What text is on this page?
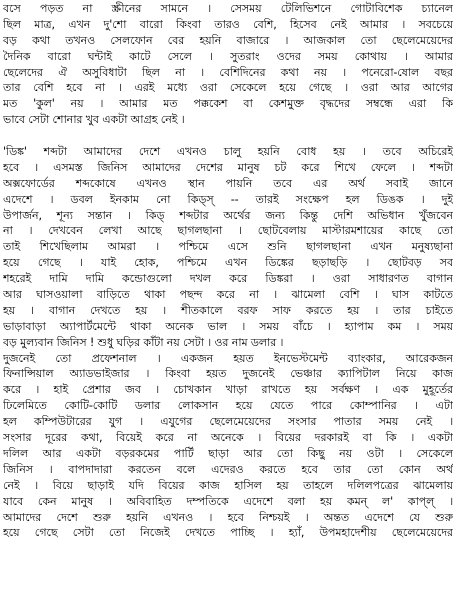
বসে পড়ত না স্ক্রীনের সামনে । সেসময় টেলিভিশনে গোটাবিশেক চ্যানেল
ছিল মাত্র, এখন দু'শো বারো কিংবা তারও বেশি, হিসেব নেই আমার । সবচেয়ে
বড় কথা তখনও সেলফোন বের হয়নি বাজারে । আজকাল তো ছেলেমেয়েদের
দৈনিক বারো ঘন্টাই কাটে সেলে । সুতরাং ওদের সময় কোথায় । আমার
ছেলেদের ঐ অসুবিধাটা ছিল না । বেশিদিনের কথা নয় । পনেরো-ষোল বছর
তার বেশি হবে না । এরই মধ্যে ওরা সেকেলে হয়ে গেছে । ওরা আর আগের
মত 'কুল' নয় । আমার মত পক্ককেশ বা কেশমুক্ত বৃদ্ধদের সম্বন্ধে এরা কি
ভাবে সেটা শোনার খুব একটা আগ্রহ নেই ।
'ডিঙ্ক' শব্দটা আমাদের দেশে এখনও চালু হয়নি বোধ হয় । তবে অচিরেই
হবে । এসমস্ত জিনিস আমাদের দেশের মানুষ চট করে শিখে ফেলে । শব্দটা
অক্সফোর্ডের শব্দকোষে এখনও স্থান পায়নি তবে এর অর্থ সবাই জানে
এদেশে । ডবল ইনকাম নো কিড্স্ -- তারই সংক্ষেপ হল ডিঙক । দুই
উপার্জন, শূন্য সন্তান । কিড্ শব্দটার অর্থের জন্য কিন্তু দেশি অভিধান খুঁজবেন
না । দেখবেন লেখা আছে ছাগলছানা । ছোটবেলায় মাস্টারমশায়ের কাছে তো
তাই শিখেছিলাম আমরা । পশ্চিমে এসে শুনি ছাগলছানা এখন মনুষ্যছানা
হয়ে গেছে । যাই হোক, পশ্চিমে এখন ডিঙ্কের ছড়াছড়ি । ছোটবড় সব
শহরেই দামি দামি কন্ডোগুলো দখল করে ডিঙ্করা । ওরা সাধারণত বাগান
আর ঘাসওয়ালা বাড়িতে থাকা পছন্দ করে না । ঝামেলা বেশি । ঘাস কাটতে
হয় । বাগান দেখতে হয় । শীতকালে বরফ সাফ করতে হয় । তার চাইতে
ভাড়াবাড়া অ্যাপার্টমেন্টে থাকা অনেক ভাল । সময় বাঁচে । হ্যাপাম কম । সময়
বড় মুল্যবান জিনিস ! শুধু ঘড়ির কাঁটা নয় সেটা । ওর নাম ডলার ।
দুজনেই তো প্রফেশনাল । একজন হয়ত ইনভেস্টমেন্ট ব্যাংকার, আরেকজন
ফিনান্সিয়াল অ্যাডভাইজার । কিংবা হয়ত দুজনেই ভেঞ্চার ক্যাপিটাল নিয়ে কাজ
করে । হাই প্রেশার জব । চোখকান খাড়া রাখতে হয় সর্বক্ষণ । এক মুহূর্তের
ঢিলেমিতে কোটি-কোটি ডলার লোকসান হয়ে যেতে পারে কোম্পানির । এটা
হল কম্পিউটারের যুগ । এযুগের ছেলেমেয়েদের সংসার পাতার সময় নেই ।
সংসার দূরের কথা, বিয়েই করে না অনেকে । বিয়ের দরকারই বা কি । একটা
দলিল আর একটা বড়রকমের পার্টি ছাড়া আর তো কিছু নয় ওটা । সেকেলে
জিনিস । বাপদাদারা করতেন বলে এদেরও করতে হবে তার তো কোন অর্থ
নেই । বিয়ে ছাড়াই যদি বিয়ের কাজ হাসিল হয় তাহলে দলিলপত্রের ঝামেলায়
যাবে কেন মানুষ । অবিবাহিত দম্পতিকে এদেশে বলা হয় কমন্ ল' কাপ্ল্ ।
আমাদের দেশে শুরু হয়নি এখনও । হবে নিশ্চয়ই । অন্তত এদেশে যে শুরু
হয়ে গেছে সেটা তো নিজেই দেখতে পাচ্ছি । হ্যাঁ, উপমহাদেশীয় ছেলেমেয়েদের
